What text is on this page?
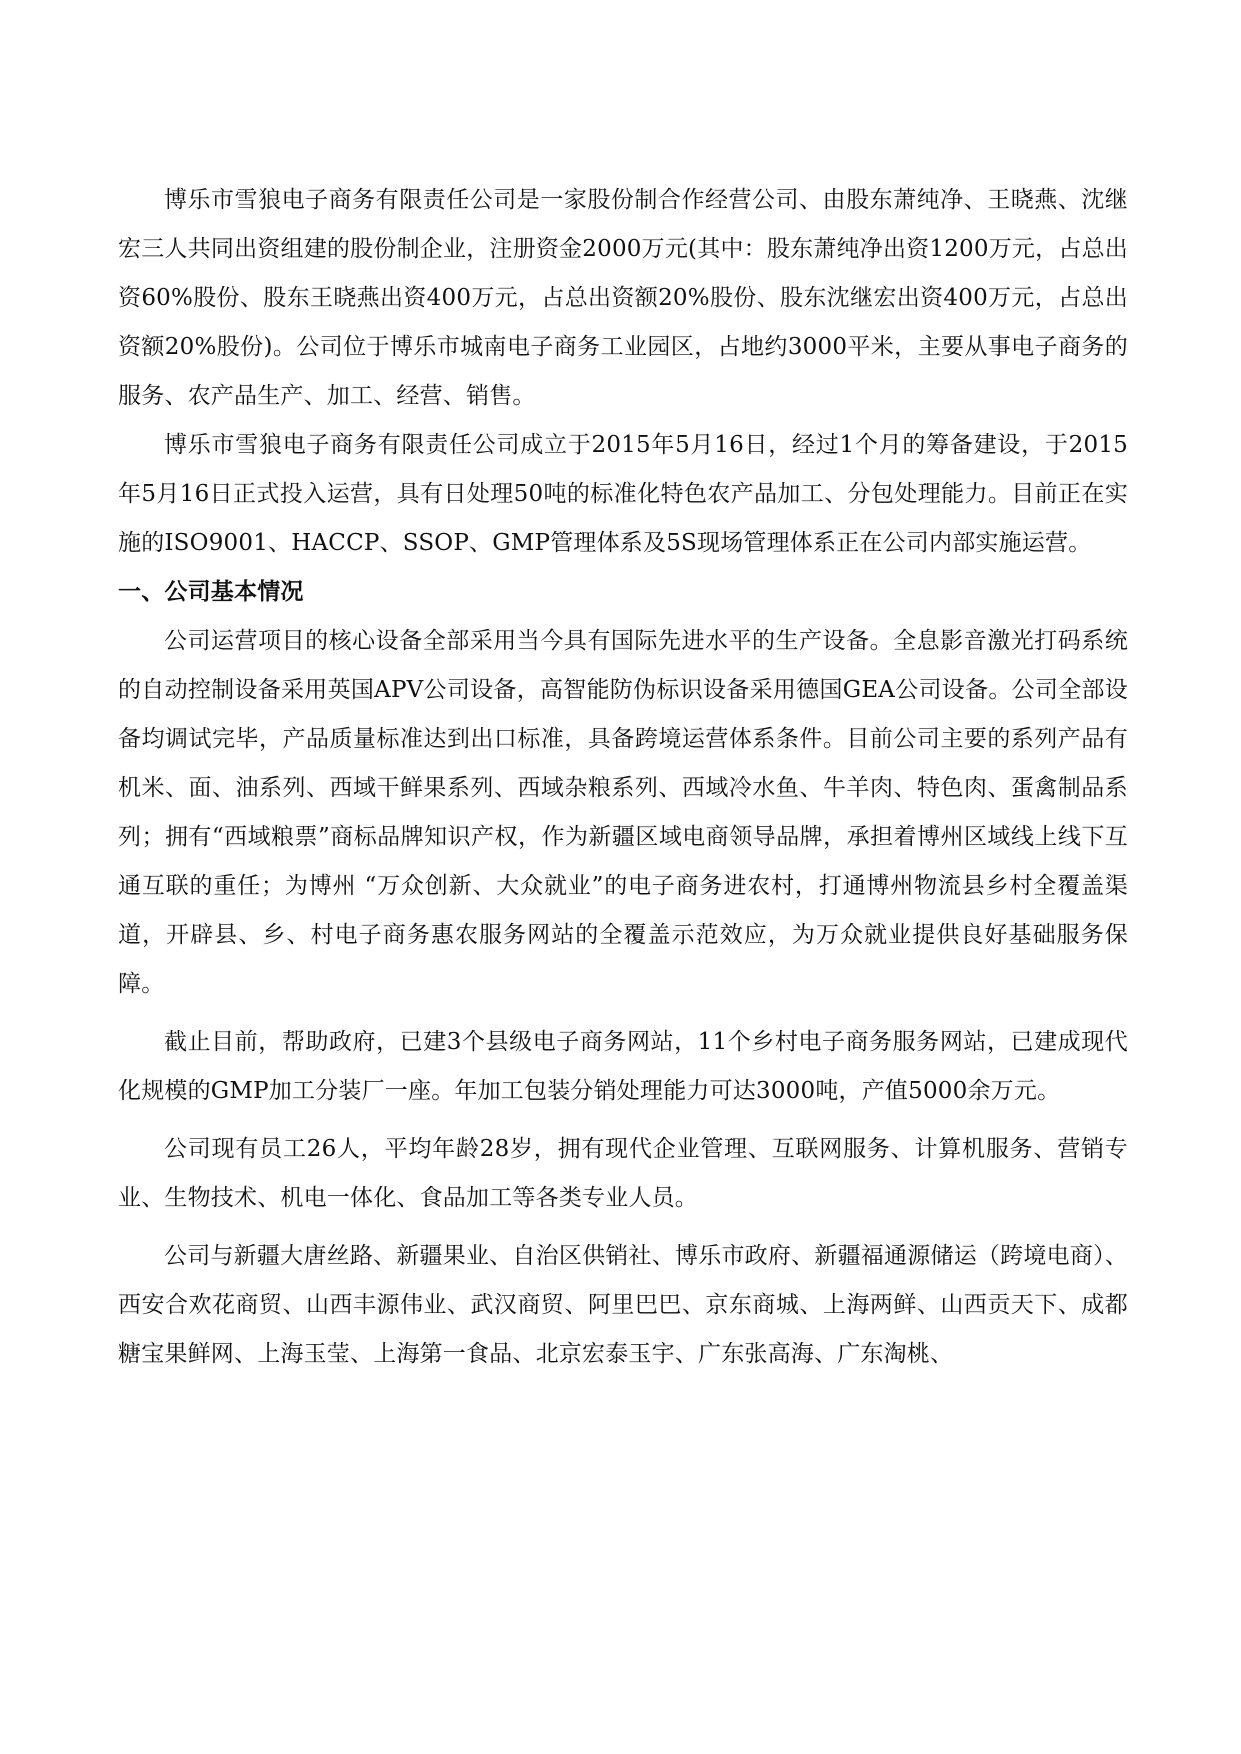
博乐市雪狼电子商务有限责任公司是一家股份制合作经营公司、由股东萧纯净、王晓燕、沈继宏三人共同出资组建的股份制企业，注册资金2000万元(其中：股东萧纯净出资1200万元，占总出资60%股份、股东王晓燕出资400万元，占总出资额20%股份、股东沈继宏出资400万元，占总出资额20%股份)。公司位于博乐市城南电子商务工业园区，占地约3000平米，主要从事电子商务的服务、农产品生产、加工、经营、销售。

博乐市雪狼电子商务有限责任公司成立于2015年5月16日，经过1个月的筹备建设，于2015年5月16日正式投入运营，具有日处理50吨的标准化特色农产品加工、分包处理能力。目前正在实施的ISO9001、HACCP、SSOP、GMP管理体系及5S现场管理体系正在公司内部实施运营。

一、公司基本情况

公司运营项目的核心设备全部采用当今具有国际先进水平的生产设备。全息影音激光打码系统的自动控制设备采用英国APV公司设备，高智能防伪标识设备采用德国GEA公司设备。公司全部设备均调试完毕，产品质量标准达到出口标准，具备跨境运营体系条件。目前公司主要的系列产品有机米、面、油系列、西域干鲜果系列、西域杂粮系列、西域冷水鱼、牛羊肉、特色肉、蛋禽制品系列；拥有“西域粮票”商标品牌知识产权，作为新疆区域电商领导品牌，承担着博州区域线上线下互通互联的重任；为博州 “万众创新、大众就业”的电子商务进农村，打通博州物流县乡村全覆盖渠道，开辟县、乡、村电子商务惠农服务网站的全覆盖示范效应，为万众就业提供良好基础服务保障。

截止目前，帮助政府，已建3个县级电子商务网站，11个乡村电子商务服务网站，已建成现代化规模的GMP加工分装厂一座。年加工包装分销处理能力可达3000吨，产值5000余万元。

公司现有员工26人，平均年龄28岁，拥有现代企业管理、互联网服务、计算机服务、营销专业、生物技术、机电一体化、食品加工等各类专业人员。

公司与新疆大唐丝路、新疆果业、自治区供销社、博乐市政府、新疆福通源储运（跨境电商）、西安合欢花商贸、山西丰源伟业、武汉商贸、阿里巴巴、京东商城、上海两鲜、山西贡天下、成都糖宝果鲜网、上海玉莹、上海第一食品、北京宏泰玉宇、广东张高海、广东淘桃、
